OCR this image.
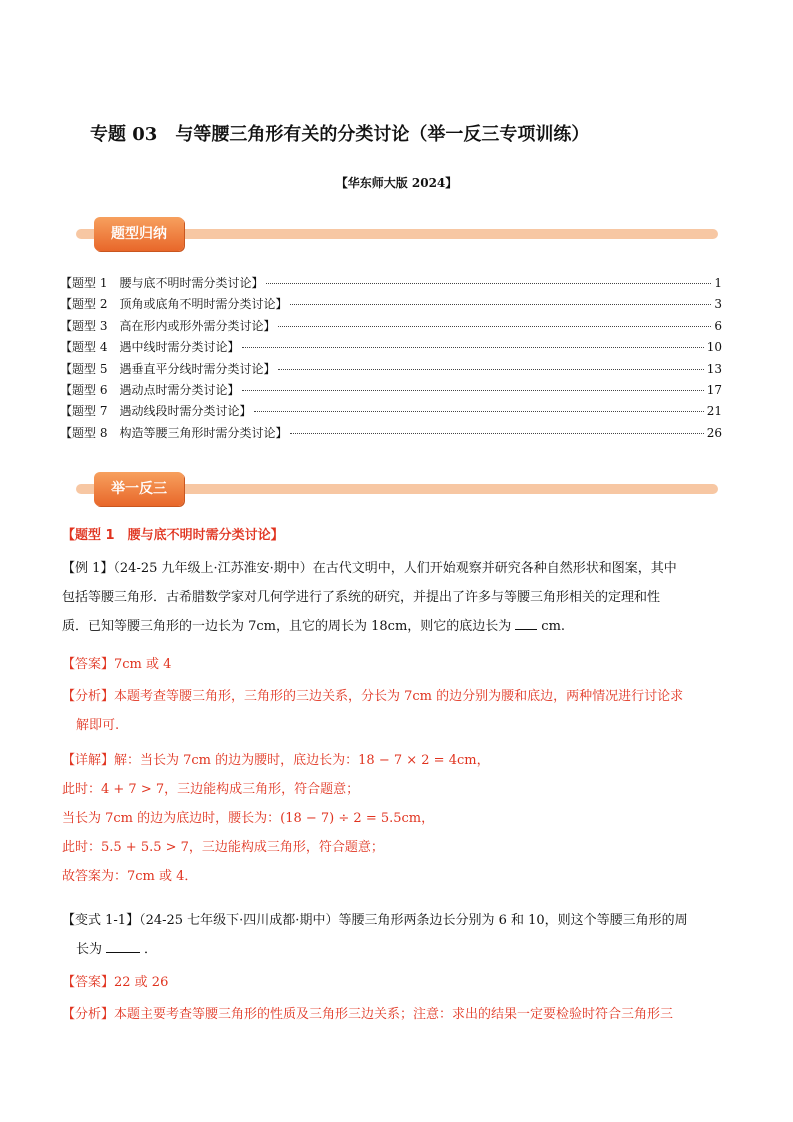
专题 03　与等腰三角形有关的分类讨论（举一反三专项训练）
【华东师大版 2024】
题型归纳
【题型 1　腰与底不明时需分类讨论】	1
【题型 2　顶角或底角不明时需分类讨论】	3
【题型 3　高在形内或形外需分类讨论】	6
【题型 4　遇中线时需分类讨论】	10
【题型 5　遇垂直平分线时需分类讨论】	13
【题型 6　遇动点时需分类讨论】	17
【题型 7　遇动线段时需分类讨论】	21
【题型 8　构造等腰三角形时需分类讨论】	26
举一反三
【题型 1　腰与底不明时需分类讨论】
【例 1】（24-25 九年级上·江苏淮安·期中）在古代文明中，人们开始观察并研究各种自然形状和图案，其中
包括等腰三角形．古希腊数学家对几何学进行了系统的研究，并提出了许多与等腰三角形相关的定理和性
质．已知等腰三角形的一边长为 7cm，且它的周长为 18cm，则它的底边长为 cm.
【答案】7cm 或 4
【分析】本题考查等腰三角形，三角形的三边关系，分长为 7cm 的边分别为腰和底边，两种情况进行讨论求
解即可.
【详解】解：当长为 7cm 的边为腰时，底边长为：18 − 7 × 2 = 4cm，
此时：4 + 7 > 7，三边能构成三角形，符合题意；
当长为 7cm 的边为底边时，腰长为：(18 − 7) ÷ 2 = 5.5cm，
此时：5.5 + 5.5 > 7，三边能构成三角形，符合题意；
故答案为：7cm 或 4．
【变式 1-1】（24-25 七年级下·四川成都·期中）等腰三角形两条边长分别为 6 和 10，则这个等腰三角形的周
长为	．
【答案】22 或 26
【分析】本题主要考查等腰三角形的性质及三角形三边关系；注意：求出的结果一定要检验时符合三角形三
